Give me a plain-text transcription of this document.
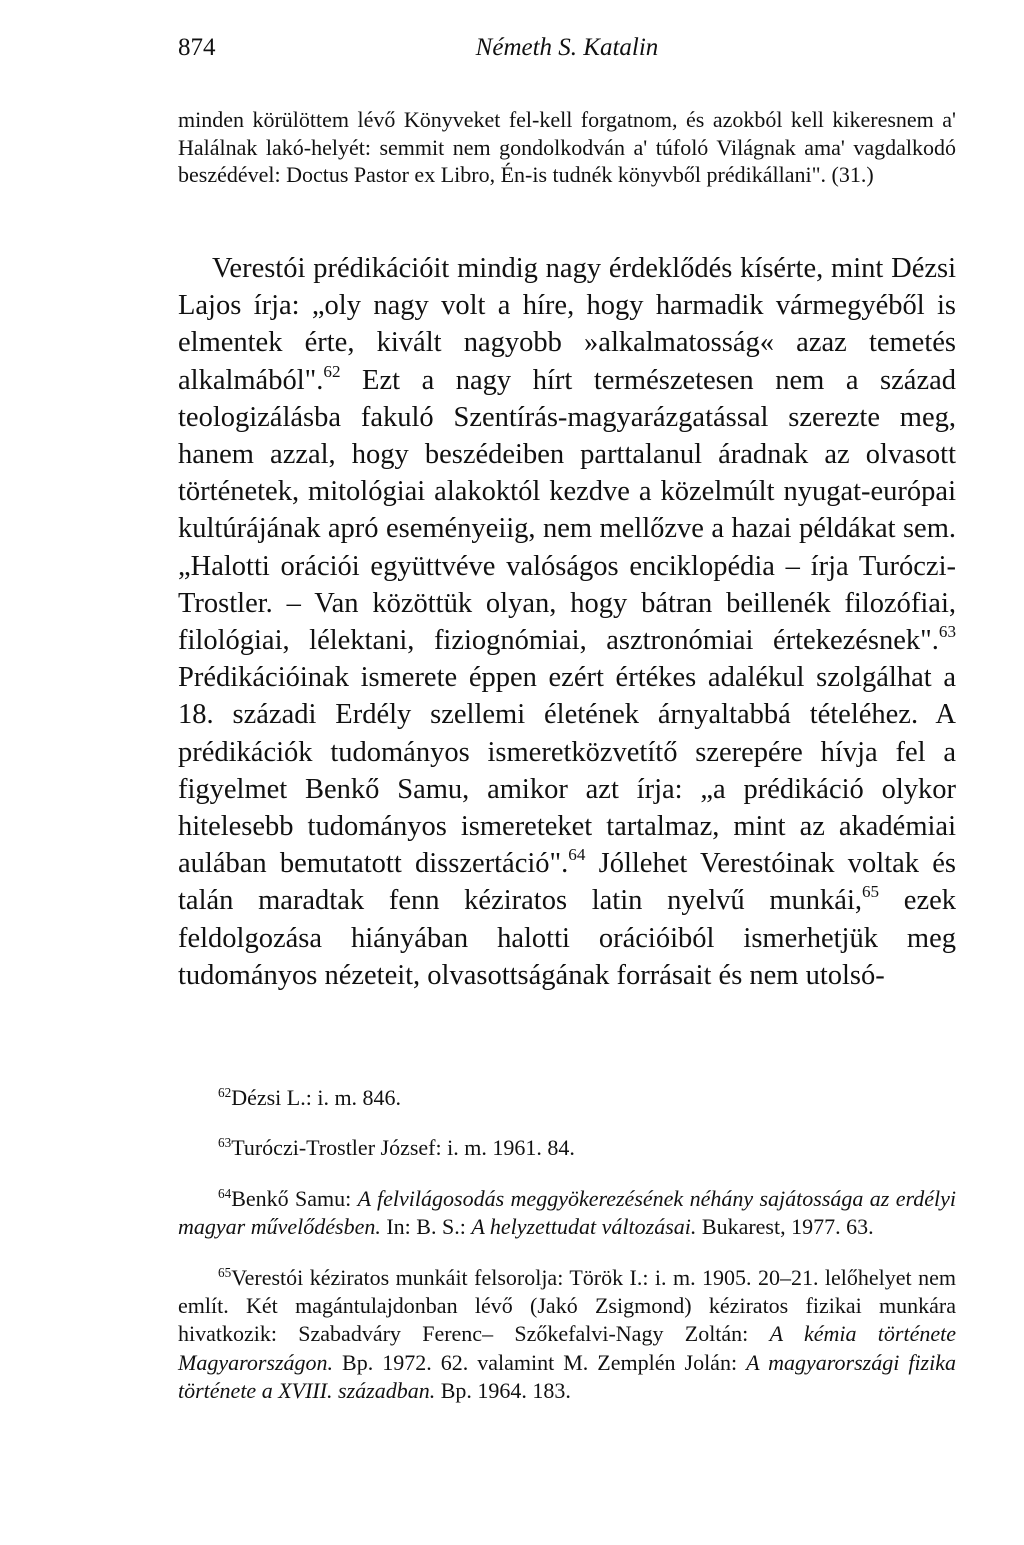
874	Németh S. Katalin

minden körülöttem lévő Könyveket fel-kell forgatnom, és azokból kell kikeresnem a' Halálnak lakó-helyét: semmit nem gondolkodván a' túfoló Világnak ama' vagdalkodó beszédével: Doctus Pastor ex Libro, Én-is tudnék könyvből prédikállani". (31.)

Verestói prédikációit mindig nagy érdeklődés kísérte, mint Dézsi Lajos írja: „oly nagy volt a híre, hogy harmadik vármegyéből is elmentek érte, kivált nagyobb »alkalmatosság« azaz temetés alkalmából".$^{62}$ Ezt a nagy hírt természetesen nem a század teologizálásba fakuló Szentírás-magyarázgatással szerezte meg, hanem azzal, hogy beszédeiben parttalanul áradnak az olvasott történetek, mitológiai alakoktól kezdve a közelmúlt nyugat-európai kultúrájának apró eseményeiig, nem mellőzve a hazai példákat sem. „Halotti orációi együttvéve valóságos enciklopédia – írja Turóczi-Trostler. – Van közöttük olyan, hogy bátran beillenék filozófiai, filológiai, lélektani, fiziognómiai, asztronómiai értekezésnek".$^{63}$ Prédikációinak ismerete éppen ezért értékes adalékul szolgálhat a 18. századi Erdély szellemi életének árnyaltabbá tételéhez. A prédikációk tudományos ismeretközvetítő szerepére hívja fel a figyelmet Benkő Samu, amikor azt írja: „a prédikáció olykor hitelesebb tudományos ismereteket tartalmaz, mint az akadémiai aulában bemutatott disszertáció".$^{64}$ Jóllehet Verestóinak voltak és talán maradtak fenn kéziratos latin nyelvű munkái,$^{65}$ ezek feldolgozása hiányában halotti orációiból ismerhetjük meg tudományos nézeteit, olvasottságának forrásait és nem utolsó-

$^{62}$Dézsi L.: i. m. 846.

$^{63}$Turóczi-Trostler József: i. m. 1961. 84.

$^{64}$Benkő Samu: A felvilágosodás meggyökerezésének néhány sajátossága az erdélyi magyar művelődésben. In: B. S.: A helyzettudat változásai. Bukarest, 1977. 63.

$^{65}$Verestói kéziratos munkáit felsorolja: Török I.: i. m. 1905. 20–21. lelőhelyet nem említ. Két magántulajdonban lévő (Jakó Zsigmond) kéziratos fizikai munkára hivatkozik: Szabadváry Ferenc– Szőkefalvi-Nagy Zoltán: A kémia története Magyarországon. Bp. 1972. 62. valamint M. Zemplén Jolán: A magyarországi fizika története a XVIII. században. Bp. 1964. 183.
